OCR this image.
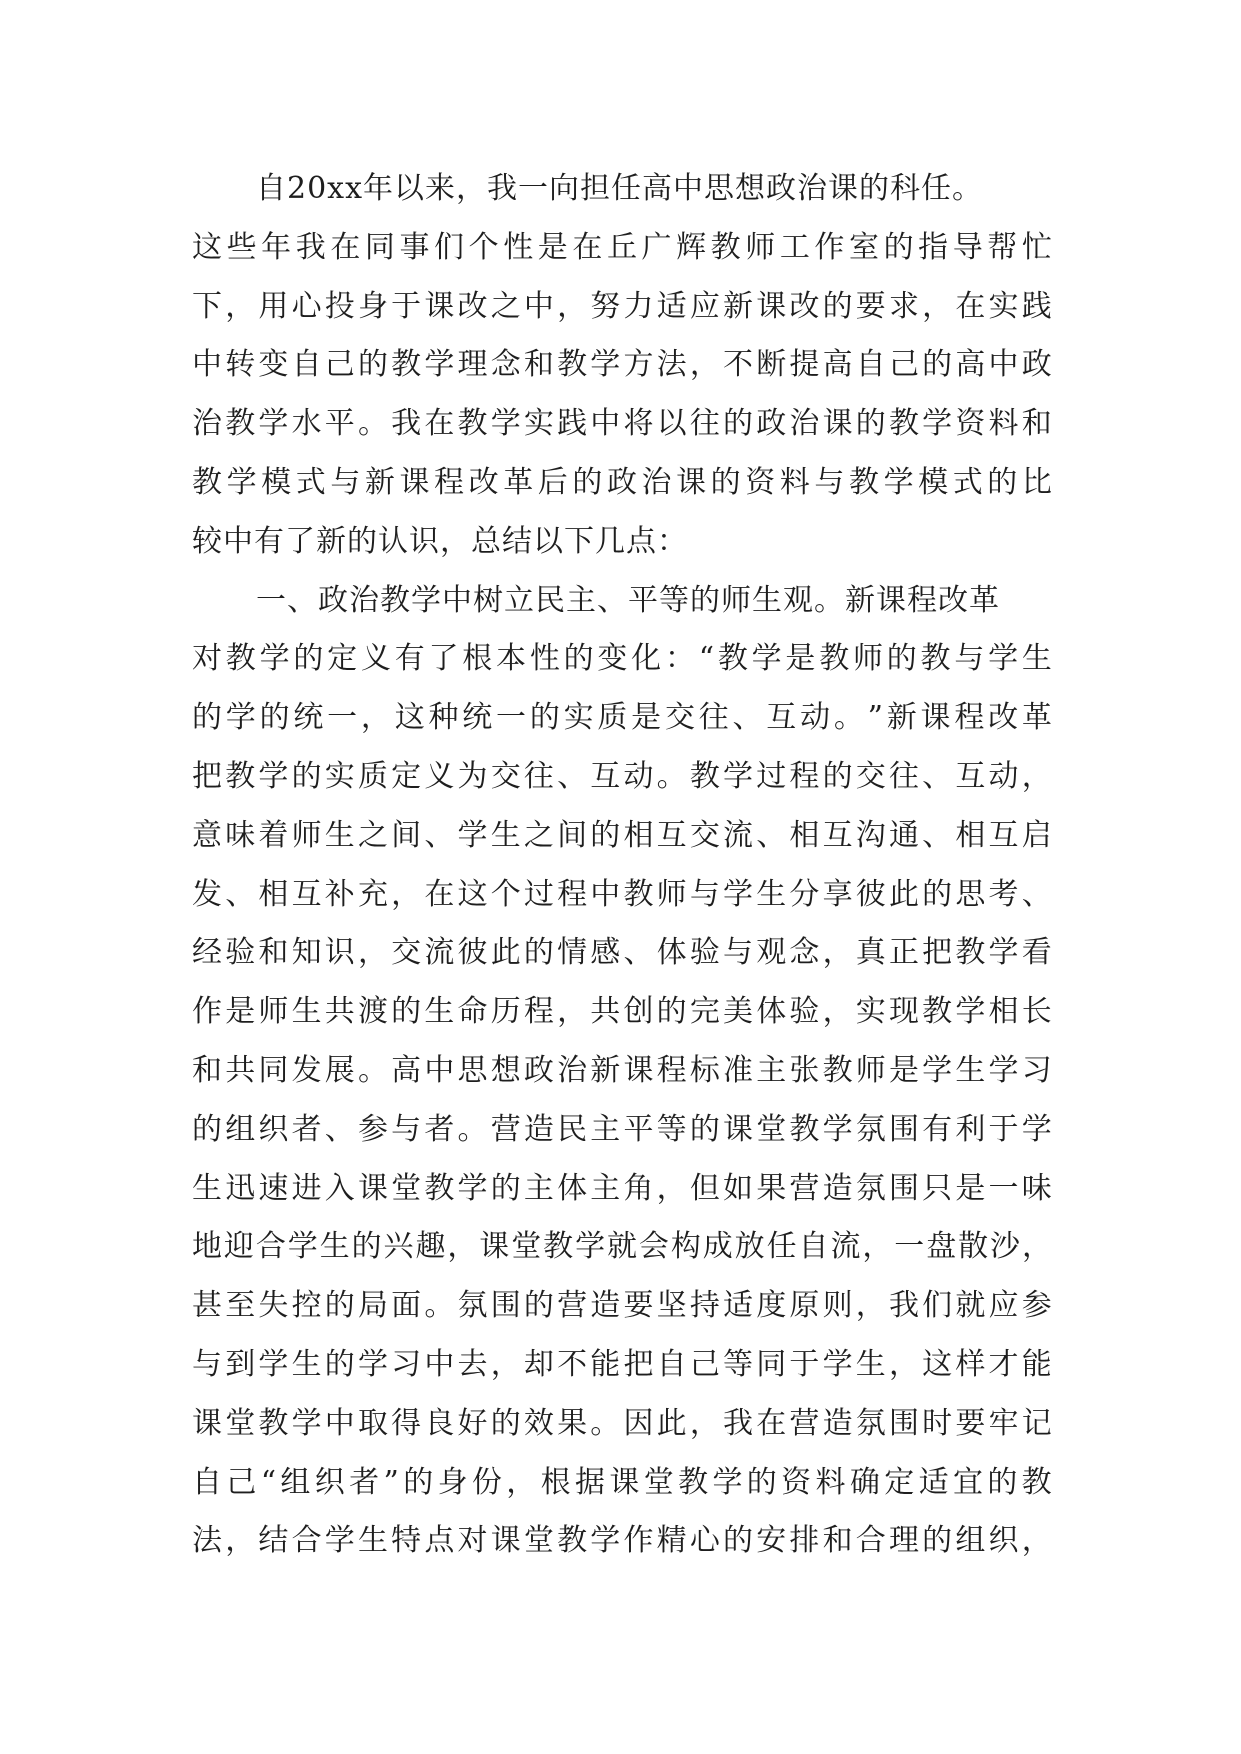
自20xx年以来，我一向担任高中思想政治课的科任。
这 些 年 我 在 同 事 们 个 性 是 在 丘 广 辉 教 师 工 作 室 的 指 导 帮 忙
下 ， 用 心 投 身 于 课 改 之 中 ， 努 力 适 应 新 课 改 的 要 求 ， 在 实 践
中 转 变 自 己 的 教 学 理 念 和 教 学 方 法 ， 不 断 提 高 自 己 的 高 中 政
治 教 学 水 平 。 我 在 教 学 实 践 中 将 以 往 的 政 治 课 的 教 学 资 料 和
教 学 模 式 与 新 课 程 改 革 后 的 政 治 课 的 资 料 与 教 学 模 式 的 比
较中有了新的认识，总结以下几点：
一、政治教学中树立民主、平等的师生观。新课程改革
对 教 学 的 定 义 有 了 根 本 性 的 变 化 ： “ 教 学 是 教 师 的 教 与 学 生
的 学 的 统 一 ， 这 种 统 一 的 实 质 是 交 往 、 互 动 。 ” 新 课 程 改 革
把 教 学 的 实 质 定 义 为 交 往 、 互 动 。 教 学 过 程 的 交 往 、 互 动 ，
意 味 着 师 生 之 间 、 学 生 之 间 的 相 互 交 流 、 相 互 沟 通 、 相 互 启
发 、 相 互 补 充 ， 在 这 个 过 程 中 教 师 与 学 生 分 享 彼 此 的 思 考 、
经 验 和 知 识 ， 交 流 彼 此 的 情 感 、 体 验 与 观 念 ， 真 正 把 教 学 看
作 是 师 生 共 渡 的 生 命 历 程 ， 共 创 的 完 美 体 验 ， 实 现 教 学 相 长
和 共 同 发 展 。 高 中 思 想 政 治 新 课 程 标 准 主 张 教 师 是 学 生 学 习
的 组 织 者 、 参 与 者 。 营 造 民 主 平 等 的 课 堂 教 学 氛 围 有 利 于 学
生 迅 速 进 入 课 堂 教 学 的 主 体 主 角 ， 但 如 果 营 造 氛 围 只 是 一 味
地 迎 合 学 生 的 兴 趣 ， 课 堂 教 学 就 会 构 成 放 任 自 流 ， 一 盘 散 沙 ，
甚 至 失 控 的 局 面 。 氛 围 的 营 造 要 坚 持 适 度 原 则 ， 我 们 就 应 参
与 到 学 生 的 学 习 中 去 ， 却 不 能 把 自 己 等 同 于 学 生 ， 这 样 才 能
课 堂 教 学 中 取 得 良 好 的 效 果 。 因 此 ， 我 在 营 造 氛 围 时 要 牢 记
自 己 “ 组 织 者 ” 的 身 份 ， 根 据 课 堂 教 学 的 资 料 确 定 适 宜 的 教
法 ， 结 合 学 生 特 点 对 课 堂 教 学 作 精 心 的 安 排 和 合 理 的 组 织 ，
